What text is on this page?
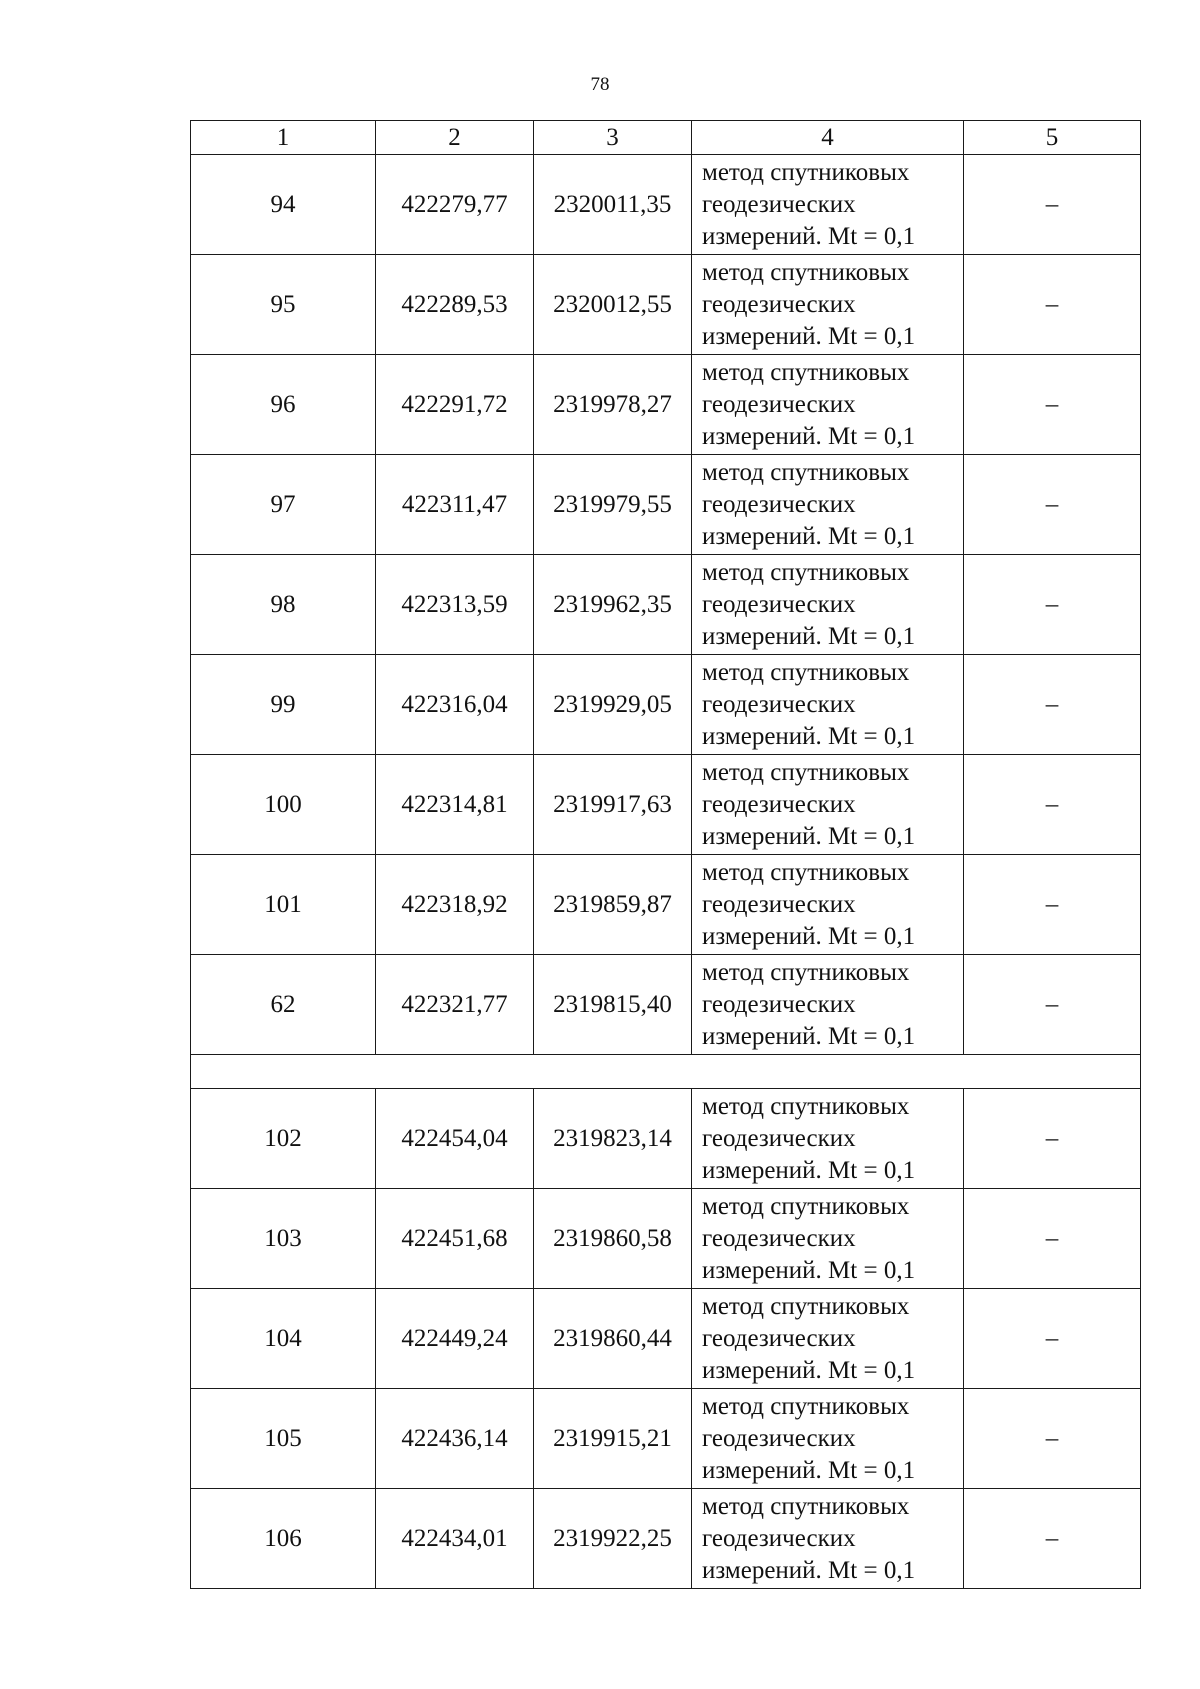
78
1	2	3	4	5
94	422279,77	2320011,35	метод спутниковых
геодезических
измерений. Mt = 0,1	–
95	422289,53	2320012,55	метод спутниковых
геодезических
измерений. Mt = 0,1	–
96	422291,72	2319978,27	метод спутниковых
геодезических
измерений. Mt = 0,1	–
97	422311,47	2319979,55	метод спутниковых
геодезических
измерений. Mt = 0,1	–
98	422313,59	2319962,35	метод спутниковых
геодезических
измерений. Mt = 0,1	–
99	422316,04	2319929,05	метод спутниковых
геодезических
измерений. Mt = 0,1	–
100	422314,81	2319917,63	метод спутниковых
геодезических
измерений. Mt = 0,1	–
101	422318,92	2319859,87	метод спутниковых
геодезических
измерений. Mt = 0,1	–
62	422321,77	2319815,40	метод спутниковых
геодезических
измерений. Mt = 0,1	–

102	422454,04	2319823,14	метод спутниковых
геодезических
измерений. Mt = 0,1	–
103	422451,68	2319860,58	метод спутниковых
геодезических
измерений. Mt = 0,1	–
104	422449,24	2319860,44	метод спутниковых
геодезических
измерений. Mt = 0,1	–
105	422436,14	2319915,21	метод спутниковых
геодезических
измерений. Mt = 0,1	–
106	422434,01	2319922,25	метод спутниковых
геодезических
измерений. Mt = 0,1	–
